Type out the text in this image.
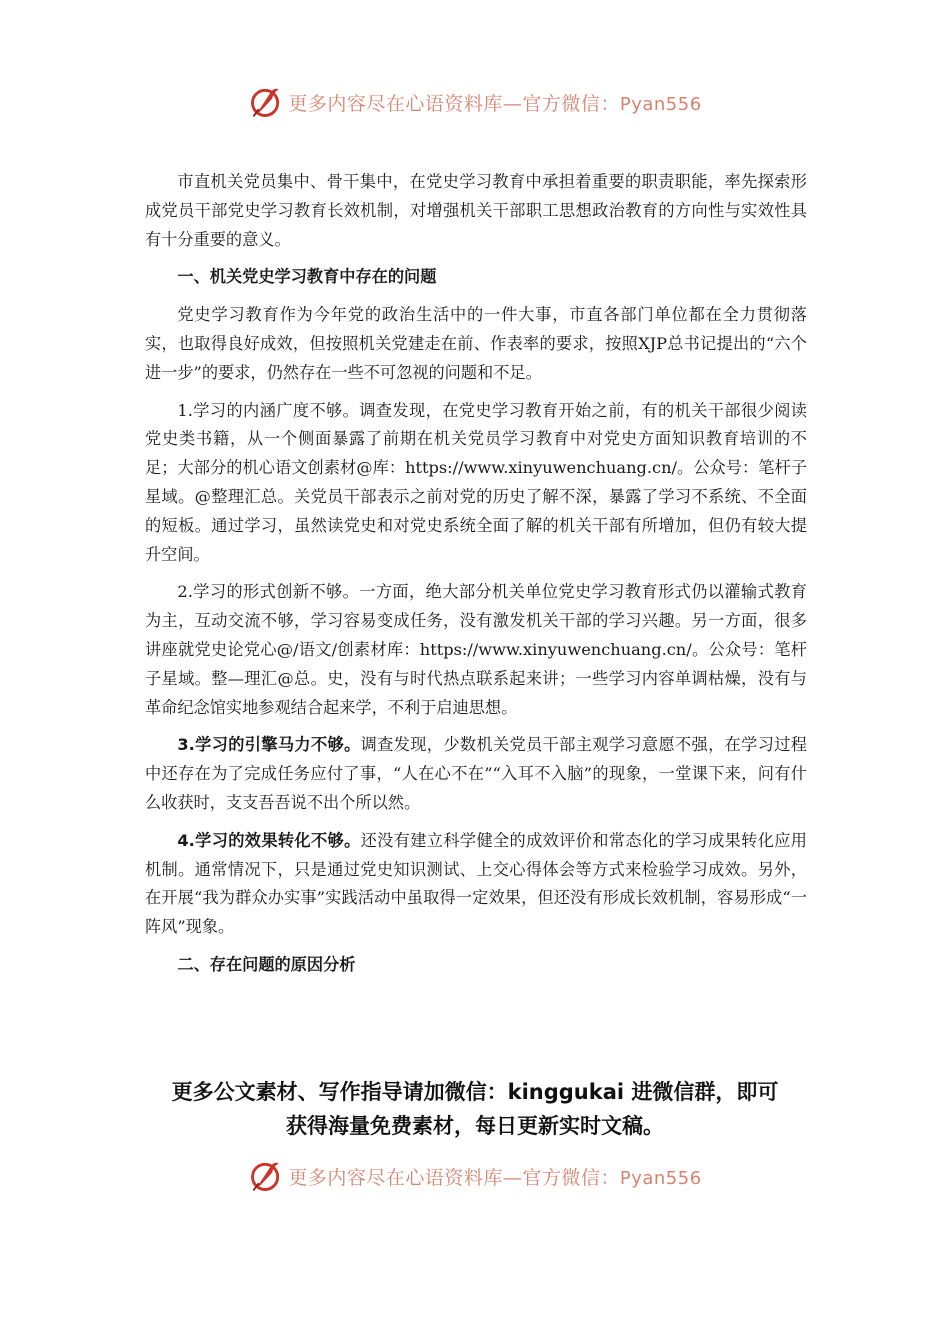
更多内容尽在心语资料库—官方微信：Pyan556

市直机关党员集中、骨干集中，在党史学习教育中承担着重要的职责职能，率先探索形成党员干部党史学习教育长效机制，对增强机关干部职工思想政治教育的方向性与实效性具有十分重要的意义。

一、机关党史学习教育中存在的问题

党史学习教育作为今年党的政治生活中的一件大事，市直各部门单位都在全力贯彻落实，也取得良好成效，但按照机关党建走在前、作表率的要求，按照XJP总书记提出的“六个进一步”的要求，仍然存在一些不可忽视的问题和不足。

1.学习的内涵广度不够。调查发现，在党史学习教育开始之前，有的机关干部很少阅读党史类书籍，从一个侧面暴露了前期在机关党员学习教育中对党史方面知识教育培训的不足；大部分的机心语文创素材@库：https://www.xinyuwenchuang.cn/。公众号：笔杆子星域。@整理汇总。关党员干部表示之前对党的历史了解不深，暴露了学习不系统、不全面的短板。通过学习，虽然读党史和对党史系统全面了解的机关干部有所增加，但仍有较大提升空间。

2.学习的形式创新不够。一方面，绝大部分机关单位党史学习教育形式仍以灌输式教育为主，互动交流不够，学习容易变成任务，没有激发机关干部的学习兴趣。另一方面，很多讲座就党史论党心@/语文/创素材库：https://www.xinyuwenchuang.cn/。公众号：笔杆子星域。整—理汇@总。史，没有与时代热点联系起来讲；一些学习内容单调枯燥，没有与革命纪念馆实地参观结合起来学，不利于启迪思想。

3.学习的引擎马力不够。调查发现，少数机关党员干部主观学习意愿不强，在学习过程中还存在为了完成任务应付了事，“人在心不在”“入耳不入脑”的现象，一堂课下来，问有什么收获时，支支吾吾说不出个所以然。

4.学习的效果转化不够。还没有建立科学健全的成效评价和常态化的学习成果转化应用机制。通常情况下，只是通过党史知识测试、上交心得体会等方式来检验学习成效。另外，在开展“我为群众办实事”实践活动中虽取得一定效果，但还没有形成长效机制，容易形成“一阵风”现象。

二、存在问题的原因分析

更多公文素材、写作指导请加微信：kinggukai 进微信群，即可
获得海量免费素材，每日更新实时文稿。
更多内容尽在心语资料库—官方微信：Pyan556
